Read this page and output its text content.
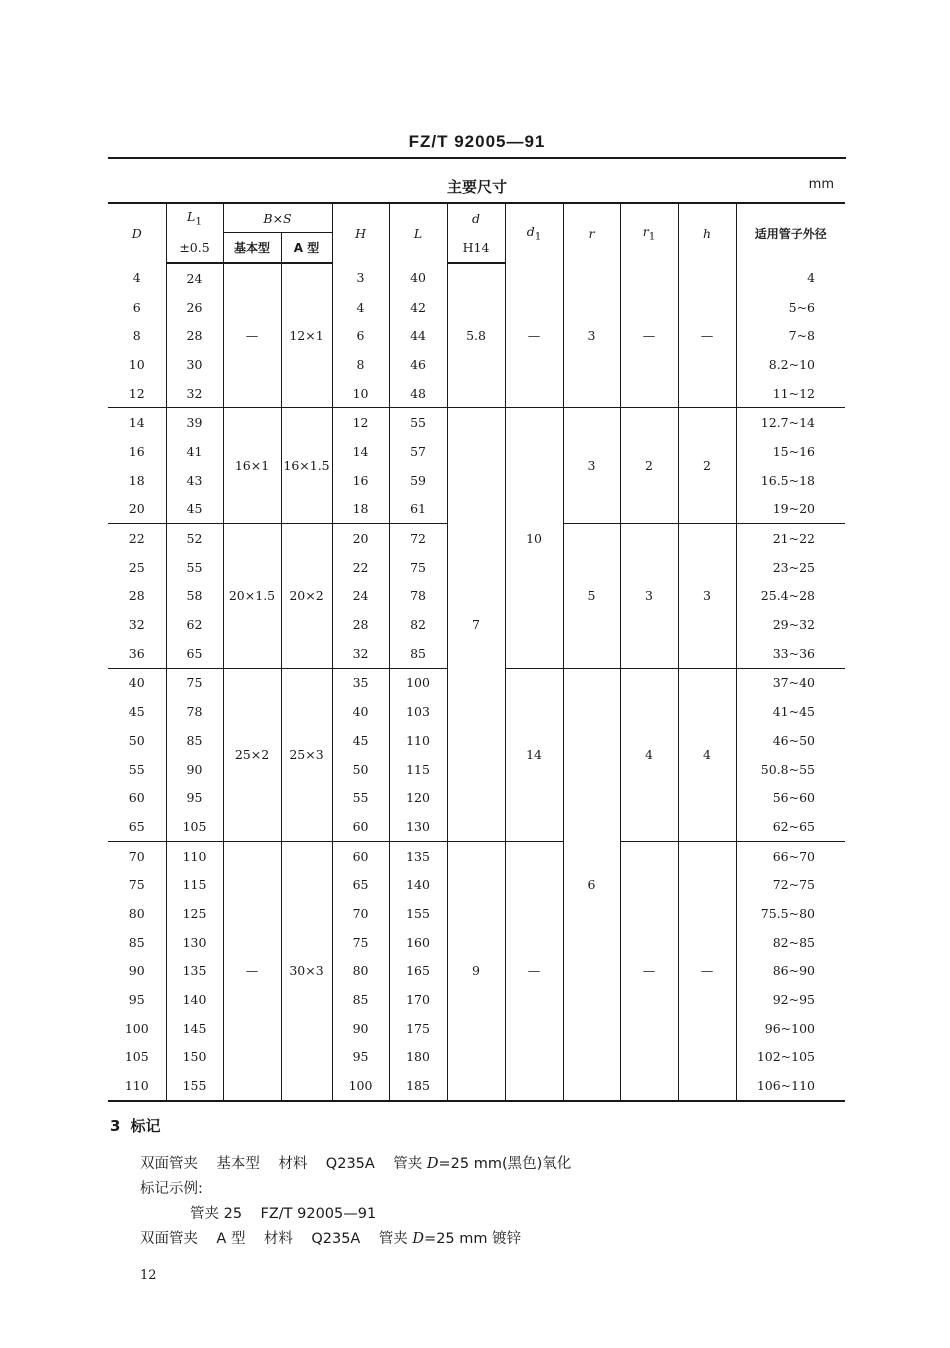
FZ/T 92005—91
主要尺寸	mm
D	$L_1$	B×S		H	L	d	$d_1$	r	$r_1$	h	适用管子外径
	±0.5	基本型	A 型			H14					
4	24	—	12×1	3	40	5.8	—	3	—	—	4
6	26			4	42						5~6
8	28			6	44						7~8
10	30			8	46						8.2~10
12	32			10	48						11~12
14	39	16×1	16×1.5	12	55	7	10	3	2	2	12.7~14
16	41			14	57						15~16
18	43			16	59						16.5~18
20	45			18	61						19~20
22	52	20×1.5	20×2	20	72			5	3	3	21~22
25	55			22	75						23~25
28	58			24	78						25.4~28
32	62			28	82						29~32
36	65			32	85						33~36
40	75	25×2	25×3	35	100		14	6	4	4	37~40
45	78			40	103						41~45
50	85			45	110						46~50
55	90			50	115						50.8~55
60	95			55	120						56~60
65	105			60	130						62~65
70	110	—	30×3	60	135	9	—		—	—	66~70
75	115			65	140						72~75
80	125			70	155						75.5~80
85	130			75	160						82~85
90	135			80	165						86~90
95	140			85	170						92~95
100	145			90	175						96~100
105	150			95	180						102~105
110	155			100	185						106~110
3 标记
双面管夹    基本型    材料    Q235A    管夹 D=25 mm(黑色)氧化
标记示例:
管夹 25    FZ/T 92005—91
双面管夹    A 型    材料    Q235A    管夹 D=25 mm 镀锌
12
